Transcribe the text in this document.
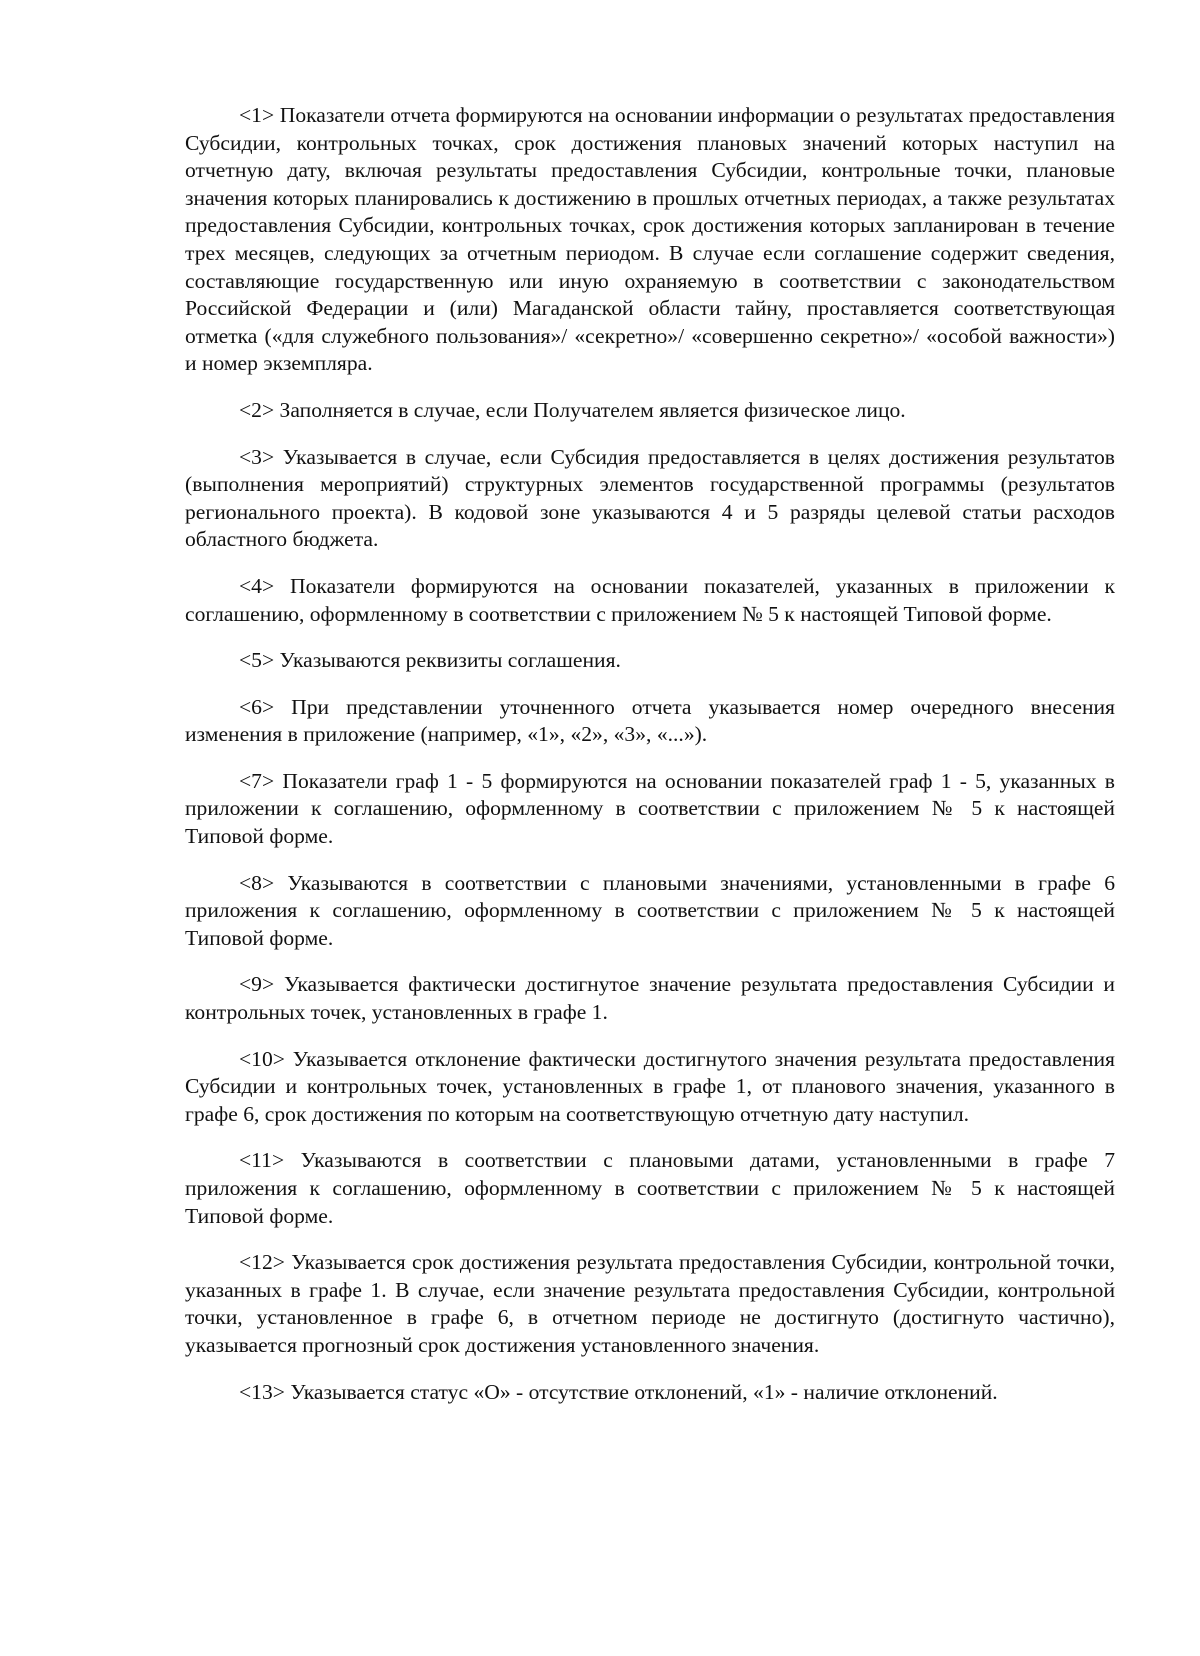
<1> Показатели отчета формируются на основании информации о результатах предоставления Субсидии, контрольных точках, срок достижения плановых значений которых наступил на отчетную дату, включая результаты предоставления Субсидии, контрольные точки, плановые значения которых планировались к достижению в прошлых отчетных периодах, а также результатах предоставления Субсидии, контрольных точках, срок достижения которых запланирован в течение трех месяцев, следующих за отчетным периодом. В случае если соглашение содержит сведения, составляющие государственную или иную охраняемую в соответствии с законодательством Российской Федерации и (или) Магаданской области тайну, проставляется соответствующая отметка («для служебного пользования»/ «секретно»/ «совершенно секретно»/ «особой важности») и номер экземпляра.

<2> Заполняется в случае, если Получателем является физическое лицо.

<3> Указывается в случае, если Субсидия предоставляется в целях достижения результатов (выполнения мероприятий) структурных элементов государственной программы (результатов регионального проекта). В кодовой зоне указываются 4 и 5 разряды целевой статьи расходов областного бюджета.

<4> Показатели формируются на основании показателей, указанных в приложении к соглашению, оформленному в соответствии с приложением № 5 к настоящей Типовой форме.

<5> Указываются реквизиты соглашения.

<6> При представлении уточненного отчета указывается номер очередного внесения изменения в приложение (например, «1», «2», «3», «...»).

<7> Показатели граф 1 - 5 формируются на основании показателей граф 1 - 5, указанных в приложении к соглашению, оформленному в соответствии с приложением № 5 к настоящей Типовой форме.

<8> Указываются в соответствии с плановыми значениями, установленными в графе 6 приложения к соглашению, оформленному в соответствии с приложением № 5 к настоящей Типовой форме.

<9> Указывается фактически достигнутое значение результата предоставления Субсидии и контрольных точек, установленных в графе 1.

<10> Указывается отклонение фактически достигнутого значения результата предоставления Субсидии и контрольных точек, установленных в графе 1, от планового значения, указанного в графе 6, срок достижения по которым на соответствующую отчетную дату наступил.

<11> Указываются в соответствии с плановыми датами, установленными в графе 7 приложения к соглашению, оформленному в соответствии с приложением № 5 к настоящей Типовой форме.

<12> Указывается срок достижения результата предоставления Субсидии, контрольной точки, указанных в графе 1. В случае, если значение результата предоставления Субсидии, контрольной точки, установленное в графе 6, в отчетном периоде не достигнуто (достигнуто частично), указывается прогнозный срок достижения установленного значения.

<13> Указывается статус «О» - отсутствие отклонений, «1» - наличие отклонений.
